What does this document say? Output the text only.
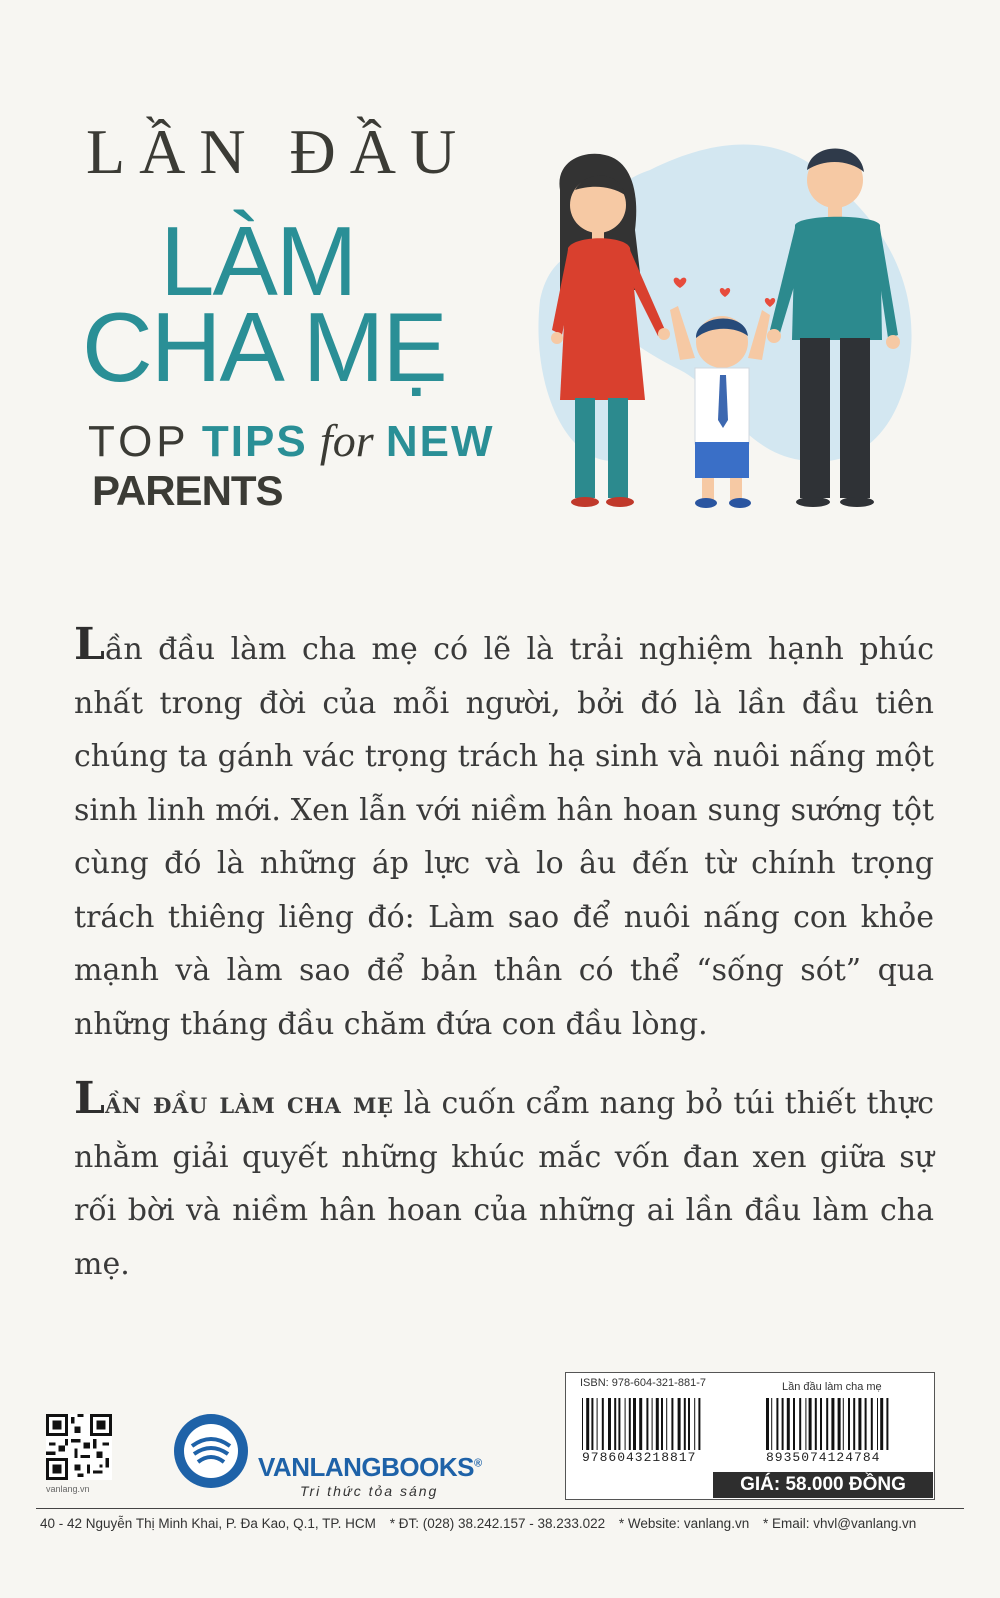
LẦN ĐẦU
LÀM
CHA MẸ
TOP TIPS for NEW
PARENTS
Lần đầu làm cha mẹ có lẽ là trải nghiệm hạnh phúc nhất trong đời của mỗi người, bởi đó là lần đầu tiên chúng ta gánh vác trọng trách hạ sinh và nuôi nấng một sinh linh mới. Xen lẫn với niềm hân hoan sung sướng tột cùng đó là những áp lực và lo âu đến từ chính trọng trách thiêng liêng đó: Làm sao để nuôi nấng con khỏe mạnh và làm sao để bản thân có thể “sống sót” qua những tháng đầu chăm đứa con đầu lòng.
Lần đầu làm cha mẹ là cuốn cẩm nang bỏ túi thiết thực nhằm giải quyết những khúc mắc vốn đan xen giữa sự rối bời và niềm hân hoan của những ai lần đầu làm cha mẹ.
vanlang.vn
VANLANGBOOKS®
Tri thức tỏa sáng
ISBN: 978-604-321-881-7	Lần đầu làm cha mẹ
9786043218817	8935074124784
GIÁ: 58.000 ĐỒNG
40 - 42 Nguyễn Thị Minh Khai, P. Đa Kao, Q.1, TP. HCM * ĐT: (028) 38.242.157 - 38.233.022 * Website: vanlang.vn * Email: vhvl@vanlang.vn
